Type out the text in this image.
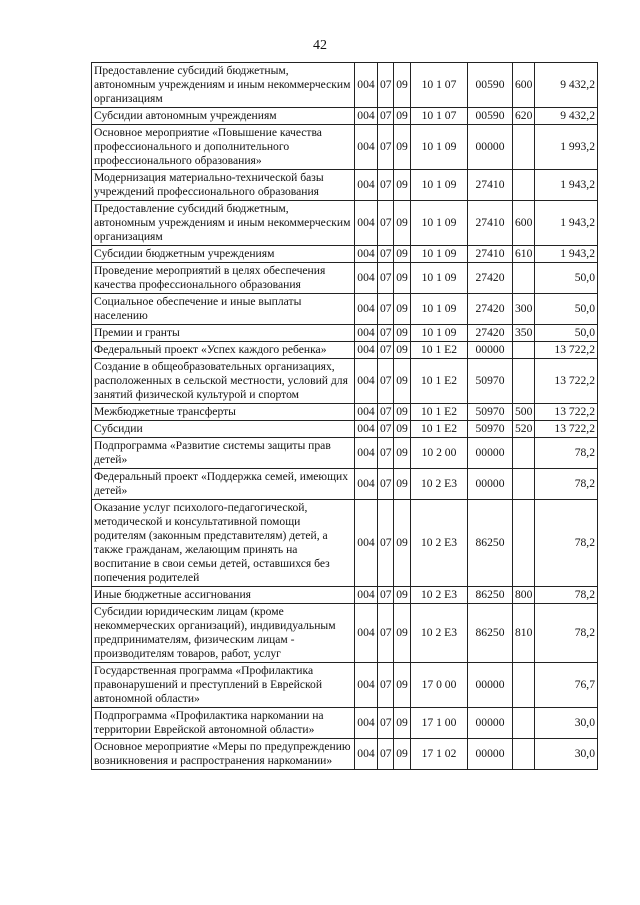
42
Предоставление субсидий бюджетным, автономным учреждениям и иным некоммерческим организациям	004	07	09	10 1 07	00590	600	9 432,2
Субсидии автономным учреждениям	004	07	09	10 1 07	00590	620	9 432,2
Основное мероприятие «Повышение качества профессионального и дополнительного профессионального образования»	004	07	09	10 1 09	00000		1 993,2
Модернизация материально-технической базы учреждений профессионального образования	004	07	09	10 1 09	27410		1 943,2
Предоставление субсидий бюджетным, автономным учреждениям и иным некоммерческим организациям	004	07	09	10 1 09	27410	600	1 943,2
Субсидии бюджетным учреждениям	004	07	09	10 1 09	27410	610	1 943,2
Проведение мероприятий в целях обеспечения качества профессионального образования	004	07	09	10 1 09	27420		50,0
Социальное обеспечение и иные выплаты населению	004	07	09	10 1 09	27420	300	50,0
Премии и гранты	004	07	09	10 1 09	27420	350	50,0
Федеральный проект «Успех каждого ребенка»	004	07	09	10 1 E2	00000		13 722,2
Создание в общеобразовательных организациях, расположенных в сельской местности, условий для занятий физической культурой и спортом	004	07	09	10 1 E2	50970		13 722,2
Межбюджетные трансферты	004	07	09	10 1 E2	50970	500	13 722,2
Субсидии	004	07	09	10 1 E2	50970	520	13 722,2
Подпрограмма «Развитие системы защиты прав детей»	004	07	09	10 2 00	00000		78,2
Федеральный проект «Поддержка семей, имеющих детей»	004	07	09	10 2 E3	00000		78,2
Оказание услуг психолого-педагогической, методической и консультативной помощи родителям (законным представителям) детей, а также гражданам, желающим принять на воспитание в свои семьи детей, оставшихся без попечения родителей	004	07	09	10 2 E3	86250		78,2
Иные бюджетные ассигнования	004	07	09	10 2 E3	86250	800	78,2
Субсидии юридическим лицам (кроме некоммерческих организаций), индивидуальным предпринимателям, физическим лицам - производителям товаров, работ, услуг	004	07	09	10 2 E3	86250	810	78,2
Государственная программа «Профилактика правонарушений и преступлений в Еврейской автономной области»	004	07	09	17 0 00	00000		76,7
Подпрограмма «Профилактика наркомании на территории Еврейской автономной области»	004	07	09	17 1 00	00000		30,0
Основное мероприятие «Меры по предупреждению возникновения и распространения наркомании»	004	07	09	17 1 02	00000		30,0
